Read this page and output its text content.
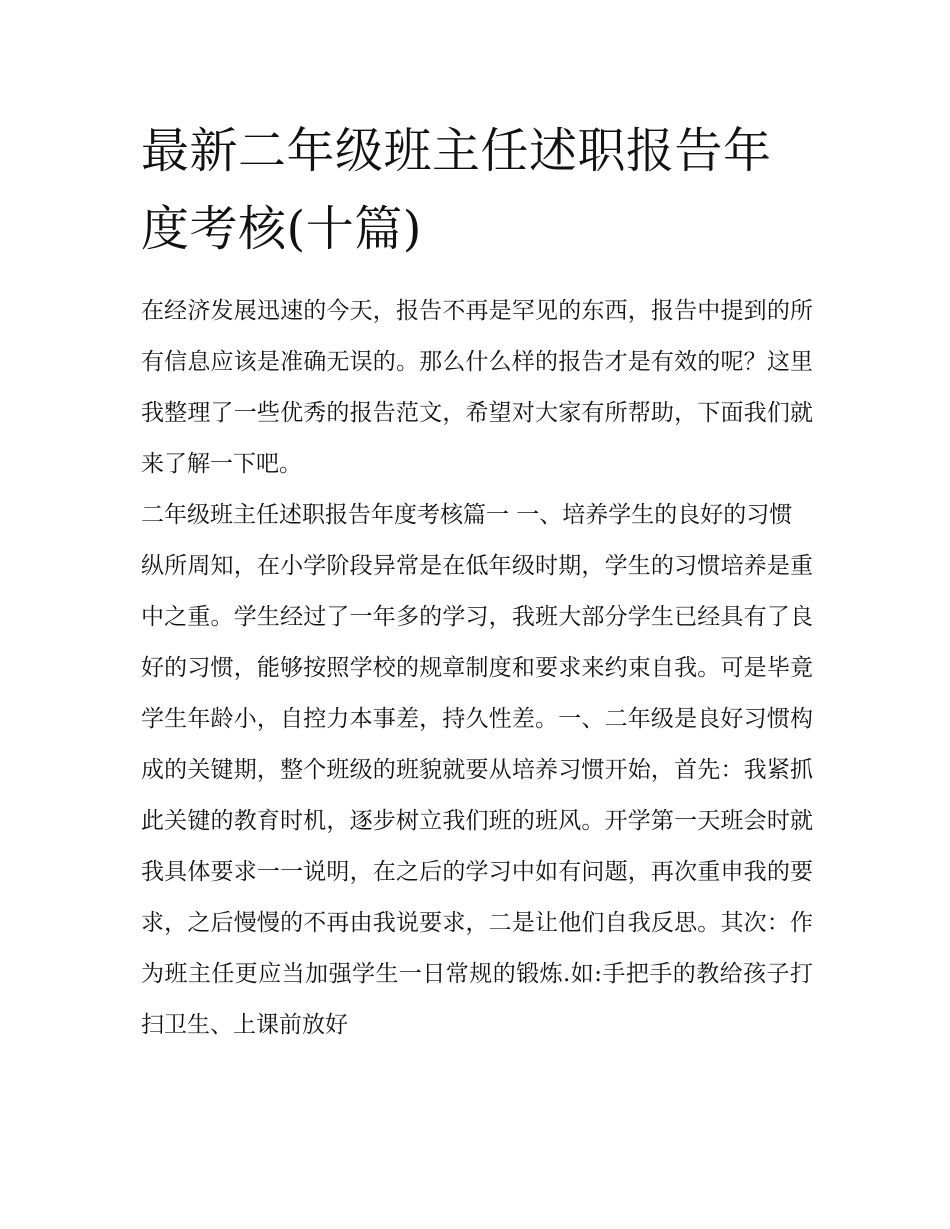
最新二年级班主任述职报告年度考核(十篇)

在经济发展迅速的今天，报告不再是罕见的东西，报告中提到的所有信息应该是准确无误的。那么什么样的报告才是有效的呢？这里我整理了一些优秀的报告范文，希望对大家有所帮助，下面我们就来了解一下吧。

二年级班主任述职报告年度考核篇一 一、培养学生的良好的习惯

纵所周知，在小学阶段异常是在低年级时期，学生的习惯培养是重中之重。学生经过了一年多的学习，我班大部分学生已经具有了良好的习惯，能够按照学校的规章制度和要求来约束自我。可是毕竟学生年龄小，自控力本事差，持久性差。一、二年级是良好习惯构成的关键期，整个班级的班貌就要从培养习惯开始，首先：我紧抓此关键的教育时机，逐步树立我们班的班风。开学第一天班会时就我具体要求一一说明，在之后的学习中如有问题，再次重申我的要求，之后慢慢的不再由我说要求，二是让他们自我反思。其次：作为班主任更应当加强学生一日常规的锻炼.如:手把手的教给孩子打扫卫生、上课前放好
